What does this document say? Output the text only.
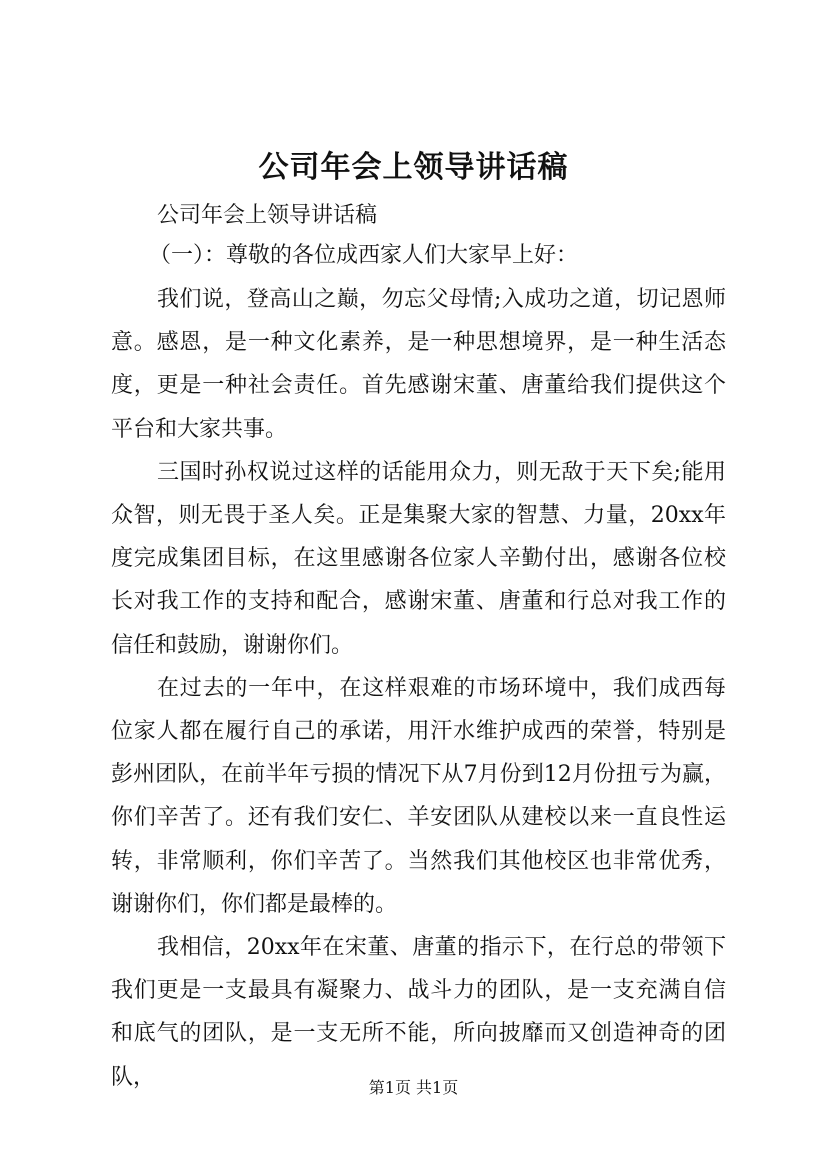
公司年会上领导讲话稿

公司年会上领导讲话稿

（一）：尊敬的各位成西家人们大家早上好：

我们说，登高山之巅，勿忘父母情;入成功之道，切记恩师意。感恩，是一种文化素养，是一种思想境界，是一种生活态度，更是一种社会责任。首先感谢宋董、唐董给我们提供这个平台和大家共事。

三国时孙权说过这样的话能用众力，则无敌于天下矣;能用众智，则无畏于圣人矣。正是集聚大家的智慧、力量，20xx年度完成集团目标，在这里感谢各位家人辛勤付出，感谢各位校长对我工作的支持和配合，感谢宋董、唐董和行总对我工作的信任和鼓励，谢谢你们。

在过去的一年中，在这样艰难的市场环境中，我们成西每位家人都在履行自己的承诺，用汗水维护成西的荣誉，特别是彭州团队，在前半年亏损的情况下从7月份到12月份扭亏为赢，你们辛苦了。还有我们安仁、羊安团队从建校以来一直良性运转，非常顺利，你们辛苦了。当然我们其他校区也非常优秀，谢谢你们，你们都是最棒的。

我相信，20xx年在宋董、唐董的指示下，在行总的带领下我们更是一支最具有凝聚力、战斗力的团队，是一支充满自信和底气的团队，是一支无所不能，所向披靡而又创造神奇的团队，	第1页 共1页
